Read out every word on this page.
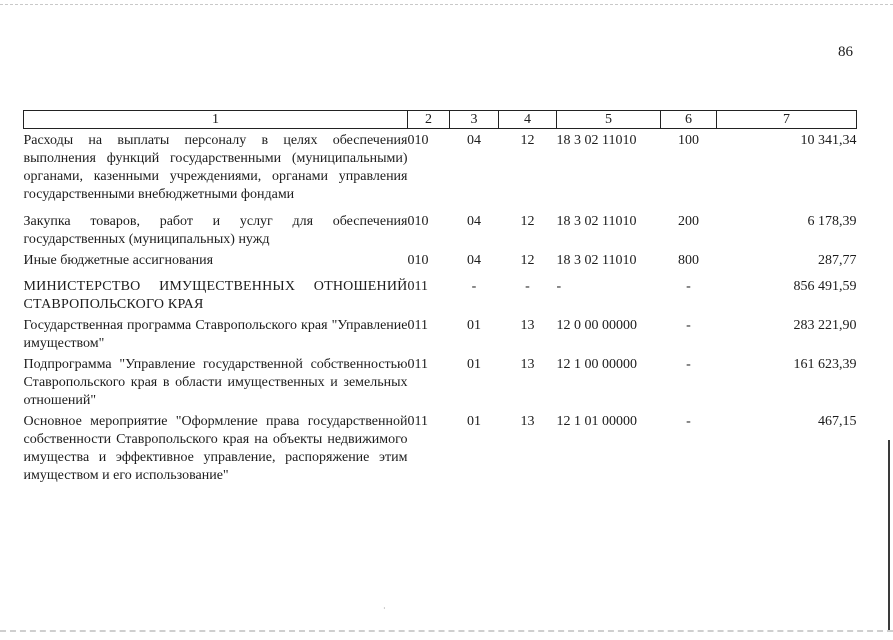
·
86
1	2	3	4	5	6	7
Расходы на выплаты персоналу в целях обеспечения выполнения функций государственными (муниципальными) органами, казенными учреждениями, органами управления государственными внебюджетными фондами	010	04	12	18 3 02 11010	100	10 341,34
Закупка товаров, работ и услуг для обеспечения государственных (муниципальных) нужд	010	04	12	18 3 02 11010	200	6 178,39
Иные бюджетные ассигнования	010	04	12	18 3 02 11010	800	287,77
МИНИСТЕРСТВО ИМУЩЕСТВЕННЫХ ОТНОШЕНИЙ СТАВРОПОЛЬСКОГО КРАЯ	011	-	-	-	-	856 491,59
Государственная программа Ставропольского края "Управление имуществом"	011	01	13	12 0 00 00000	-	283 221,90
Подпрограмма "Управление государственной собственностью Ставропольского края в области имущественных и земельных отношений"	011	01	13	12 1 00 00000	-	161 623,39
Основное мероприятие "Оформление права государственной собственности Ставропольского края на объекты недвижимого имущества и эффективное управление, распоряжение этим имуществом и его использование"	011	01	13	12 1 01 00000	-	467,15
